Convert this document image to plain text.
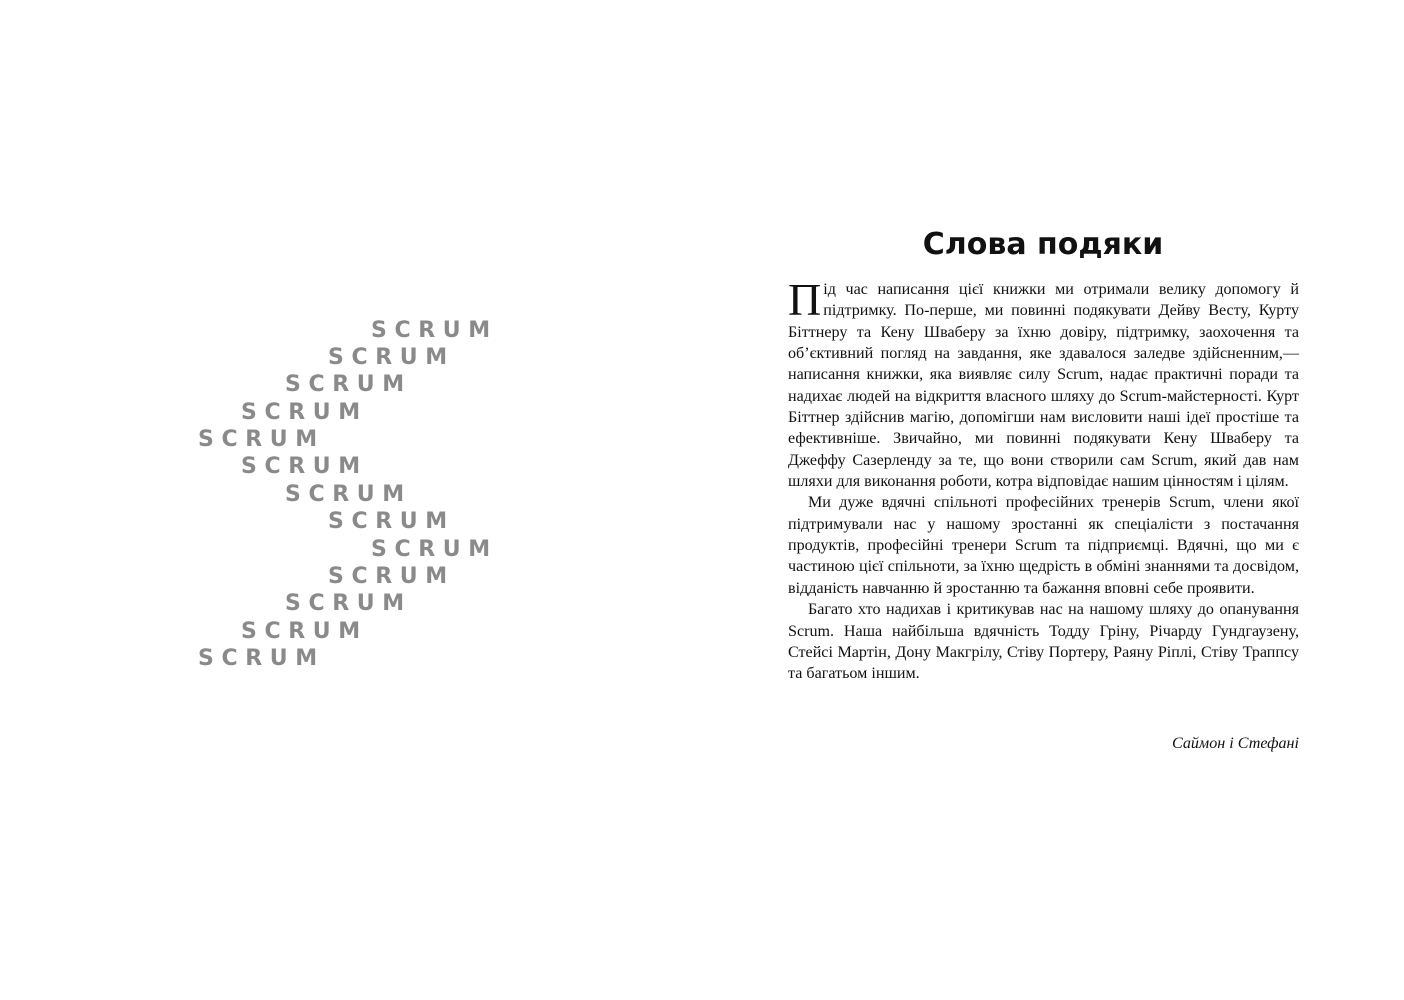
SCRUM
SCRUM
SCRUM
SCRUM
SCRUM
SCRUM
SCRUM
SCRUM
SCRUM
SCRUM
SCRUM
SCRUM
SCRUM
Слова подяки

Під час написання цієї книжки ми отримали велику допомогу й підтримку. По-перше, ми повинні подякувати Дейву Весту, Курту Біттнеру та Кену Шваберу за їхню довіру, підтримку, заохочення та об’єктивний погляд на завдання, яке здавалося заледве здійсненним,— написання книжки, яка виявляє силу Scrum, надає практичні поради та надихає людей на відкриття власного шляху до Scrum-майстерності. Курт Біттнер здійснив магію, допомігши нам висловити наші ідеї простіше та ефективніше. Звичайно, ми повинні подякувати Кену Шваберу та Джеффу Сазерленду за те, що вони створили сам Scrum, який дав нам шляхи для виконання роботи, котра відповідає нашим цінностям і цілям.

Ми дуже вдячні спільноті професійних тренерів Scrum, члени якої підтримували нас у нашому зростанні як спеціалісти з постачання продуктів, професійні тренери Scrum та підприємці. Вдячні, що ми є частиною цієї спільноти, за їхню щедрість в обміні знаннями та досвідом, відданість навчанню й зростанню та бажання вповні себе проявити.

Багато хто надихав і критикував нас на нашому шляху до опанування Scrum. Наша найбільша вдячність Тодду Гріну, Річарду Гундгаузену, Стейсі Мартін, Дону Макгрілу, Стіву Портеру, Раяну Ріплі, Стіву Траппсу та багатьом іншим.

Саймон і Стефані
